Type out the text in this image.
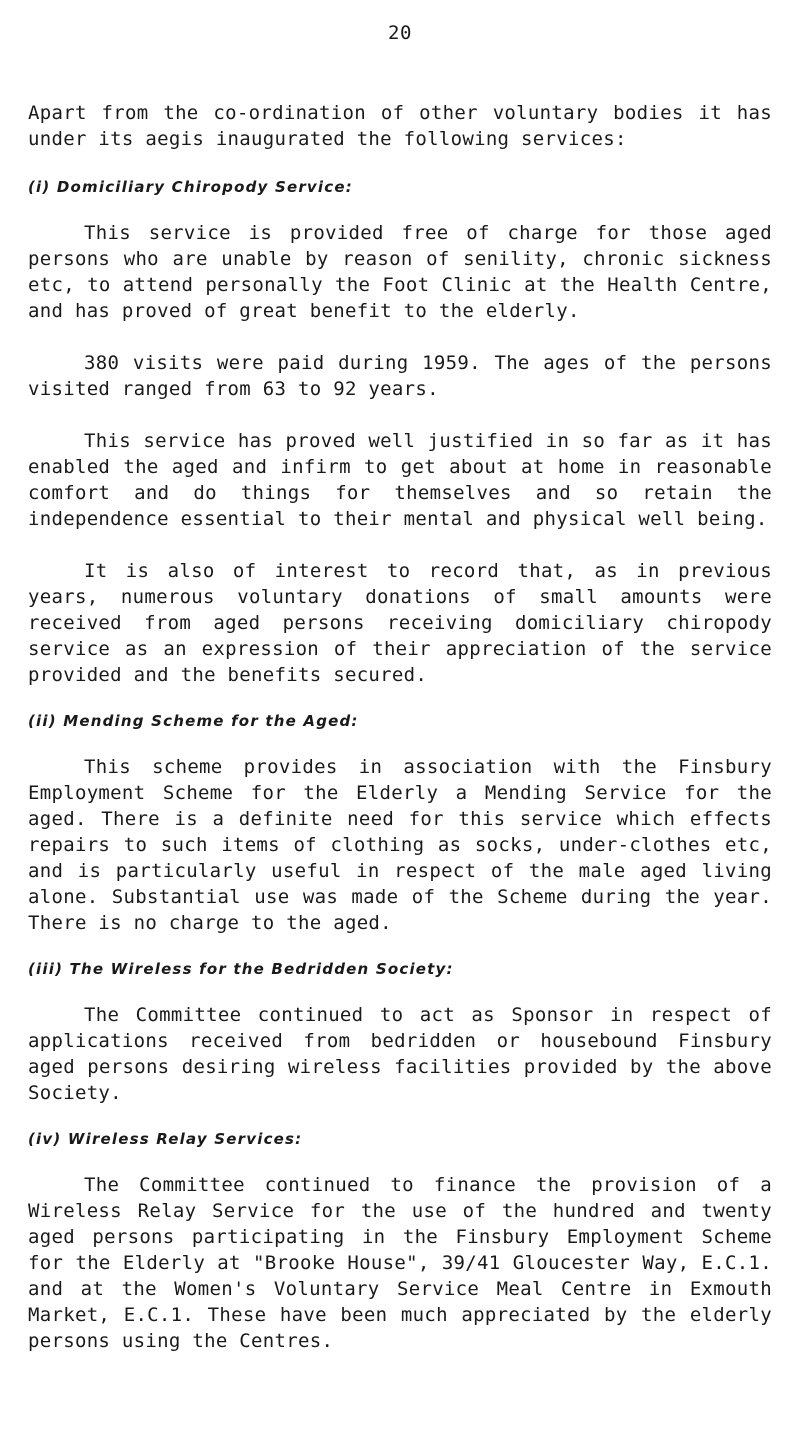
20

Apart from the co-ordination of other voluntary bodies it has under its aegis inaugurated the following services:

(i) Domiciliary Chiropody Service:

This service is provided free of charge for those aged persons who are unable by reason of senility, chronic sickness etc, to attend personally the Foot Clinic at the Health Centre, and has proved of great benefit to the elderly.

380 visits were paid during 1959. The ages of the persons visited ranged from 63 to 92 years.

This service has proved well justified in so far as it has enabled the aged and infirm to get about at home in reasonable comfort and do things for themselves and so retain the independence essential to their mental and physical well being.

It is also of interest to record that, as in previous years, numerous voluntary donations of small amounts were received from aged persons receiving domiciliary chiropody service as an expression of their appreciation of the service provided and the benefits secured.

(ii) Mending Scheme for the Aged:

This scheme provides in association with the Finsbury Employment Scheme for the Elderly a Mending Service for the aged. There is a definite need for this service which effects repairs to such items of clothing as socks, under-clothes etc, and is particularly useful in respect of the male aged living alone. Substantial use was made of the Scheme during the year. There is no charge to the aged.

(iii) The Wireless for the Bedridden Society:

The Committee continued to act as Sponsor in respect of applications received from bedridden or housebound Finsbury aged persons desiring wireless facilities provided by the above Society.

(iv) Wireless Relay Services:

The Committee continued to finance the provision of a Wireless Relay Service for the use of the hundred and twenty aged persons participating in the Finsbury Employment Scheme for the Elderly at "Brooke House", 39/41 Gloucester Way, E.C.1. and at the Women's Voluntary Service Meal Centre in Exmouth Market, E.C.1. These have been much appreciated by the elderly persons using the Centres.
